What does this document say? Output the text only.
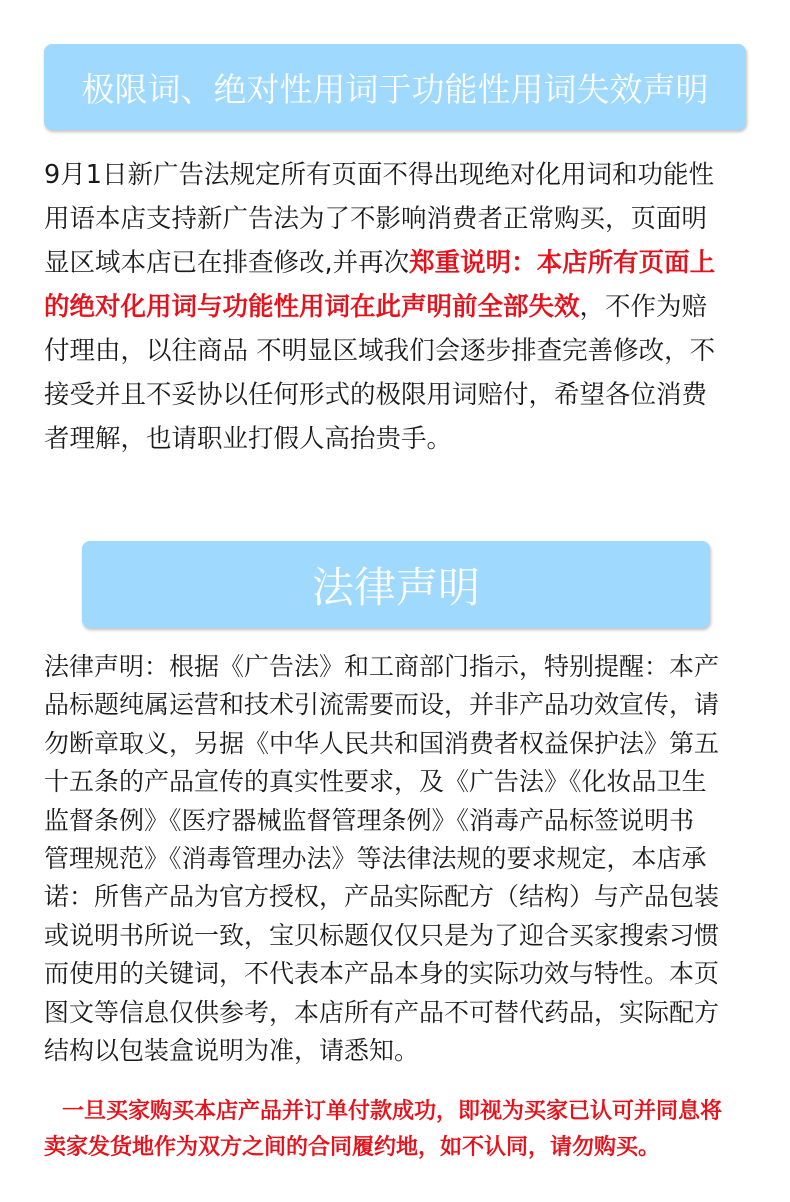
极限词、绝对性用词于功能性用词失效声明
9月1日新广告法规定所有页面不得出现绝对化用词和功能性
用语本店支持新广告法为了不影响消费者正常购买，页面明
显区域本店已在排查修改,并再次郑重说明：本店所有页面上
的绝对化用词与功能性用词在此声明前全部失效，不作为赔
付理由，以往商品 不明显区域我们会逐步排查完善修改，不
接受并且不妥协以任何形式的极限用词赔付，希望各位消费
者理解，也请职业打假人高抬贵手。
法律声明
法律声明：根据《广告法》和工商部门指示，特别提醒：本产
品标题纯属运营和技术引流需要而设，并非产品功效宣传，请
勿断章取义，另据《中华人民共和国消费者权益保护法》第五
十五条的产品宣传的真实性要求，及《广告法》《化妆品卫生
监督条例》《医疗器械监督管理条例》《消毒产品标签说明书
管理规范》《消毒管理办法》等法律法规的要求规定，本店承
诺：所售产品为官方授权，产品实际配方（结构）与产品包装
或说明书所说一致，宝贝标题仅仅只是为了迎合买家搜索习惯
而使用的关键词，不代表本产品本身的实际功效与特性。本页
图文等信息仅供参考，本店所有产品不可替代药品，实际配方
结构以包装盒说明为准，请悉知。
一旦买家购买本店产品并订单付款成功，即视为买家已认可并同息将
卖家发货地作为双方之间的合同履约地，如不认同，请勿购买。
